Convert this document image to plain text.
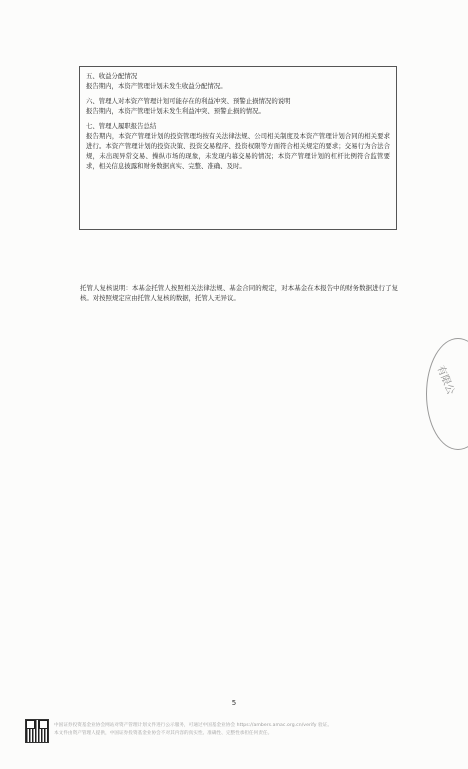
五、收益分配情况
报告期内，本资产管理计划未发生收益分配情况。
六、管理人对本资产管理计划可能存在的利益冲突、预警止损情况的说明
报告期内，本资产管理计划未发生利益冲突、预警止损的情况。
七、管理人履职报告总结
报告期内，本资产管理计划的投资管理均按有关法律法规、公司相关制度及本资产管理计划合同的相关要求进行。本资产管理计划的投资决策、投资交易程序、投资权限等方面符合相关规定的要求；交易行为合法合规，未出现异常交易、操纵市场的现象，未发现内幕交易的情况；本资产管理计划的杠杆比例符合监管要求，相关信息披露和财务数据真实、完整、准确、及时。
托管人复核说明：本基金托管人按照相关法律法规、基金合同的规定，对本基金在本报告中的财务数据进行了复核。对按照规定应由托管人复核的数据，托管人无异议。
有限公
5
中国证券投资基金业协会网站对资产管理计划文件进行公示服务，可通过中国基金业协会 https://ambers.amac.org.cn/verify 验证。
本文件由资产管理人提供，中国证券投资基金业协会不对其内容的真实性、准确性、完整性承担任何责任。
